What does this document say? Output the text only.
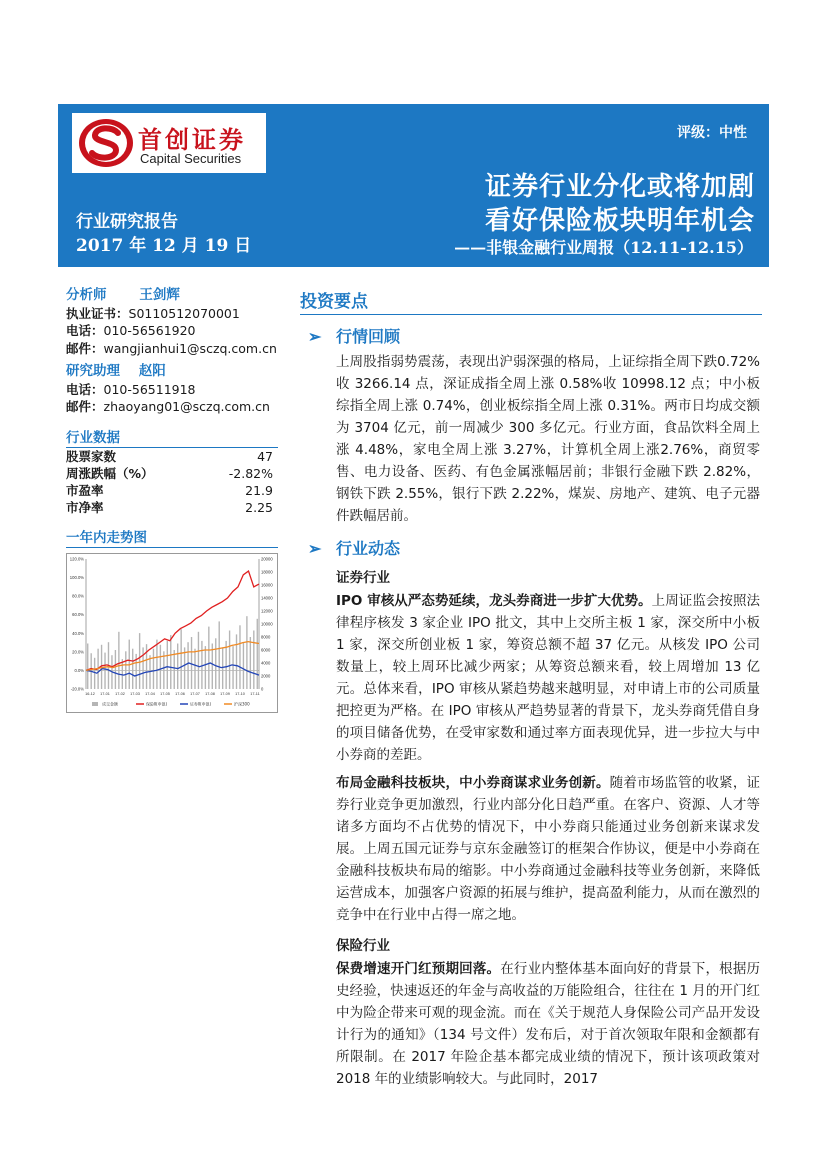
首创证券
Capital Securities
评级：中性
行业研究报告
2017 年 12 月 19 日
证券行业分化或将加剧
看好保险板块明年机会
——非银金融行业周报（12.11-12.15）
分析师 王剑辉
执业证书：S0110512070001
电话：010-56561920
邮件：wangjianhui1@sczq.com.cn
研究助理 赵阳
电话：010-56511918
邮件：zhaoyang01@sczq.com.cn
行业数据
股票家数	47
周涨跌幅（%）	-2.82%
市盈率	21.9
市净率	2.25
一年内走势图
120.0%
100.0%
80.0%
60.0%
40.0%
20.0%
0.0%
-20.0%
20000
18000
16000
14000
12000
10000
8000
6000
4000
2000
0
16-12 17-01 17-02 17-03 17-04 17-05 17-06 17-07 17-08 17-09 17-10 17-11
成交金额	保险Ⅱ(申银)	证券Ⅱ(申银)	沪深300
投资要点
➢ 行情回顾
上周股指弱势震荡，表现出沪弱深强的格局，上证综指全周下跌0.72%收 3266.14 点，深证成指全周上涨 0.58%收 10998.12 点；中小板综指全周上涨 0.74%，创业板综指全周上涨 0.31%。两市日均成交额为 3704 亿元，前一周减少 300 多亿元。行业方面，食品饮料全周上涨 4.48%，家电全周上涨 3.27%，计算机全周上涨2.76%，商贸零售、电力设备、医药、有色金属涨幅居前；非银行金融下跌 2.82%，钢铁下跌 2.55%，银行下跌 2.22%，煤炭、房地产、建筑、电子元器件跌幅居前。
➢ 行业动态
证券行业
IPO 审核从严态势延续，龙头券商进一步扩大优势。上周证监会按照法律程序核发 3 家企业 IPO 批文，其中上交所主板 1 家，深交所中小板 1 家，深交所创业板 1 家，筹资总额不超 37 亿元。从核发 IPO 公司数量上，较上周环比减少两家；从筹资总额来看，较上周增加 13 亿元。总体来看，IPO 审核从紧趋势越来越明显，对申请上市的公司质量把控更为严格。在 IPO 审核从严趋势显著的背景下，龙头券商凭借自身的项目储备优势，在受审家数和通过率方面表现优异，进一步拉大与中小券商的差距。
布局金融科技板块，中小券商谋求业务创新。随着市场监管的收紧，证券行业竞争更加激烈，行业内部分化日趋严重。在客户、资源、人才等诸多方面均不占优势的情况下，中小券商只能通过业务创新来谋求发展。上周五国元证券与京东金融签订的框架合作协议，便是中小券商在金融科技板块布局的缩影。中小券商通过金融科技等业务创新，来降低运营成本，加强客户资源的拓展与维护，提高盈利能力，从而在激烈的竞争中在行业中占得一席之地。
保险行业
保费增速开门红预期回落。在行业内整体基本面向好的背景下，根据历史经验，快速返还的年金与高收益的万能险组合，往往在 1 月的开门红中为险企带来可观的现金流。而在《关于规范人身保险公司产品开发设计行为的通知》（134 号文件）发布后，对于首次领取年限和金额都有所限制。在 2017 年险企基本都完成业绩的情况下，预计该项政策对 2018 年的业绩影响较大。与此同时，2017
